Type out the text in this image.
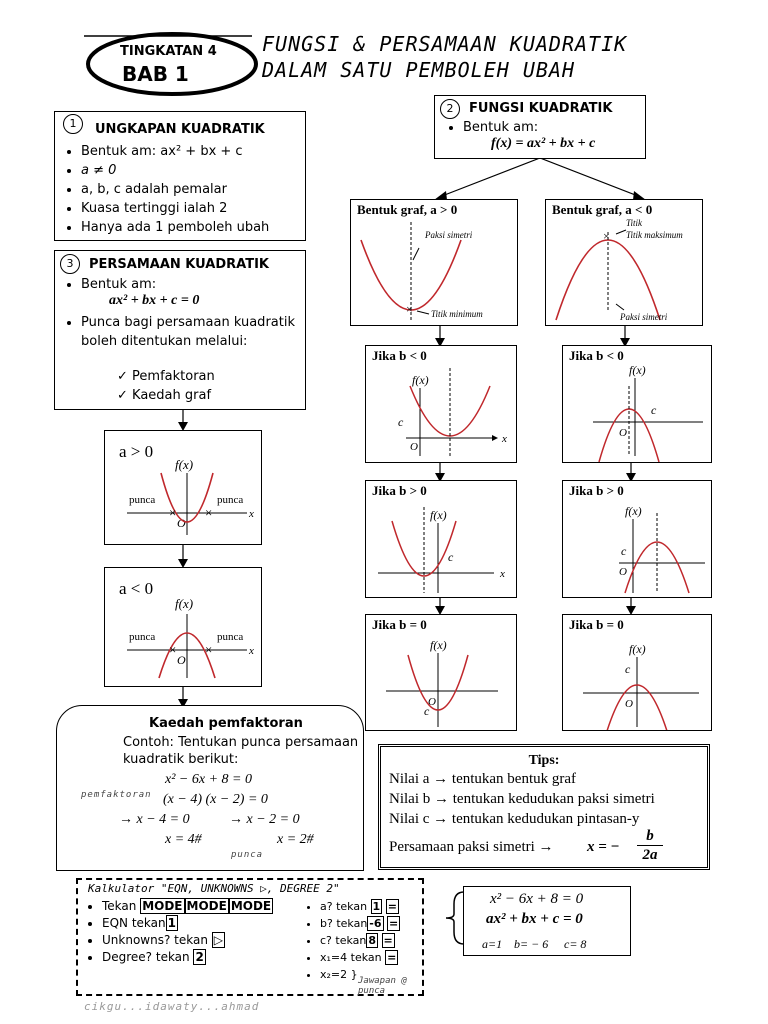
TINGKATAN 4
BAB 1
FUNGSI & PERSAMAAN KUADRATIK
DALAM SATU PEMBOLEH UBAH
1	UNGKAPAN KUADRATIK
• Bentuk am: ax² + bx + c
• a ≠ 0
• a, b, c adalah pemalar
• Kuasa tertinggi ialah 2
• Hanya ada 1 pemboleh ubah
3	PERSAMAAN KUADRATIK
• Bentuk am:
ax² + bx + c = 0
• Punca bagi persamaan kuadratik boleh ditentukan melalui:
✓ Pemfaktoran
✓ Kaedah graf
a > 0
f(x)
x
O
punca	punca
× ×
a < 0
f(x)
x
O
punca	punca
× ×
Kaedah pemfaktoran
Contoh: Tentukan punca persamaan kuadratik berikut:
x² − 6x + 8 = 0
(x − 4) (x − 2) = 0
→ x − 4 = 0	→ x − 2 = 0
x = 4#	x = 2#
pemfaktoran
punca
2	FUNGSI KUADRATIK
• Bentuk am:
f(x) = ax² + bx + c
Bentuk graf, a > 0
×
Paksi simetri
Titik minimum
Bentuk graf, a < 0
×
Titik
Titik maksimum
Paksi simetri
Jika b < 0
f(x)
x
O
c
Jika b < 0
f(x)
O
c
Jika b > 0
f(x)
x
c
Jika b > 0
f(x)
O
c
Jika b = 0
f(x)
O
c
Jika b = 0
f(x)
O
c
Tips:
Nilai a → tentukan bentuk graf
Nilai b → tentukan kedudukan paksi simetri
Nilai c → tentukan kedudukan pintasan-y
Persamaan paksi simetri → x = − $\frac{b}{2a}$
Kalkulator "EQN, UNKNOWNS ▷, DEGREE 2"
• Tekan MODE MODE MODE
• EQN tekan 1
• Unknowns? tekan ▷
• Degree? tekan 2
• a? tekan 1 =
• b? tekan -6 =
• c? tekan 8 =
• x₁=4 tekan =
• x₂=2 } Jawapan @ punca
cikgu...idawaty...ahmad
x² − 6x + 8 = 0
ax² + bx + c = 0
a=1 b= − 6 c= 8
